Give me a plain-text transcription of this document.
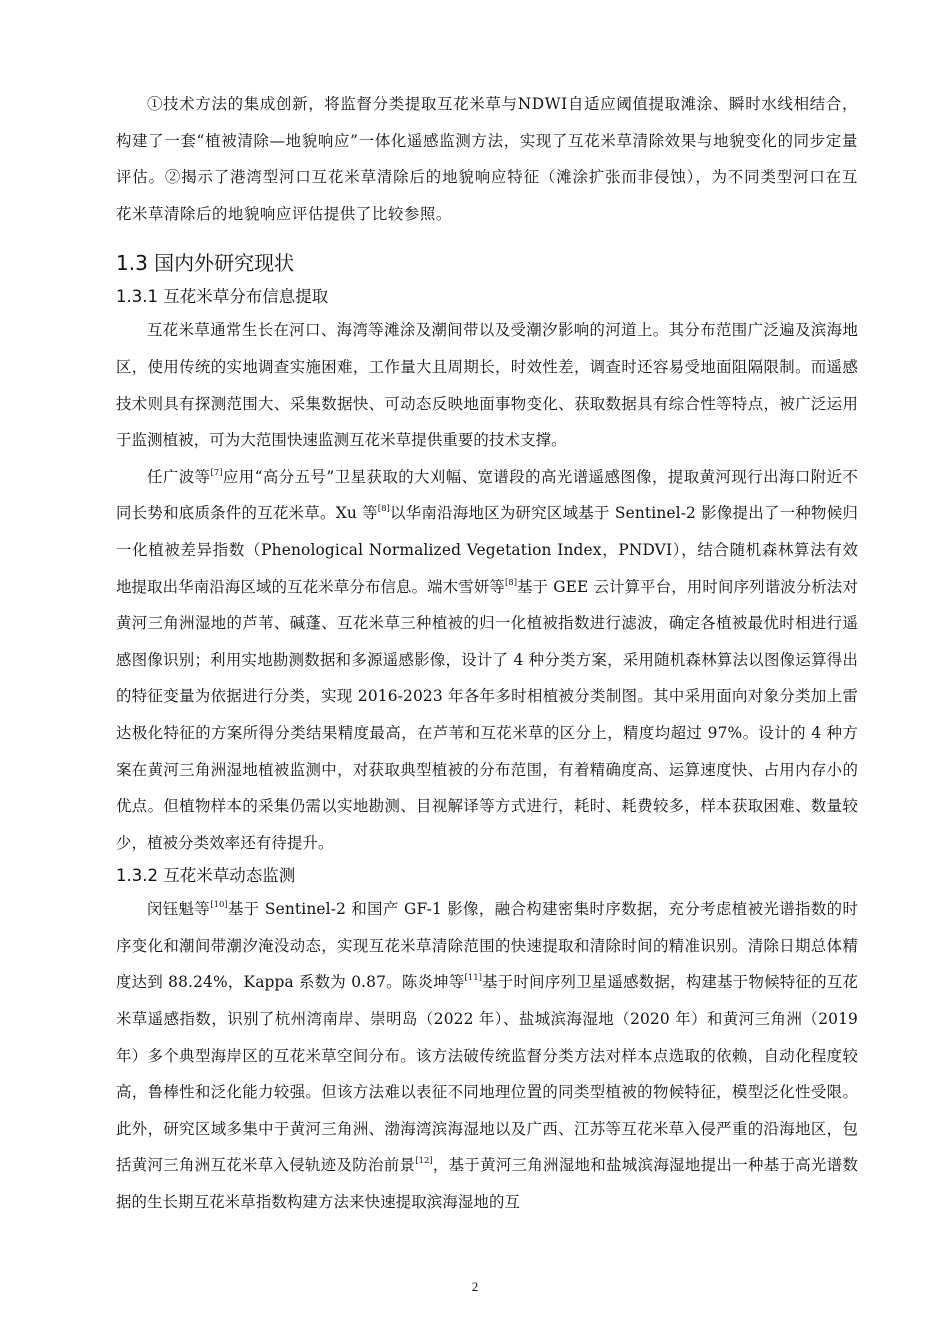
①技术方法的集成创新，将监督分类提取互花米草与NDWI自适应阈值提取滩涂、瞬时水线相结合，构建了一套“植被清除—地貌响应”一体化遥感监测方法，实现了互花米草清除效果与地貌变化的同步定量评估。②揭示了港湾型河口互花米草清除后的地貌响应特征（滩涂扩张而非侵蚀），为不同类型河口在互花米草清除后的地貌响应评估提供了比较参照。

1.3 国内外研究现状
1.3.1 互花米草分布信息提取

互花米草通常生长在河口、海湾等滩涂及潮间带以及受潮汐影响的河道上。其分布范围广泛遍及滨海地区，使用传统的实地调查实施困难，工作量大且周期长，时效性差，调查时还容易受地面阻隔限制。而遥感技术则具有探测范围大、采集数据快、可动态反映地面事物变化、获取数据具有综合性等特点，被广泛运用于监测植被，可为大范围快速监测互花米草提供重要的技术支撑。

任广波等[7]应用“高分五号”卫星获取的大刈幅、宽谱段的高光谱遥感图像，提取黄河现行出海口附近不同长势和底质条件的互花米草。Xu 等[8]以华南沿海地区为研究区域基于 Sentinel-2 影像提出了一种物候归一化植被差异指数（Phenological Normalized Vegetation Index，PNDVI），结合随机森林算法有效地提取出华南沿海区域的互花米草分布信息。端木雪妍等[8]基于 GEE 云计算平台，用时间序列谐波分析法对黄河三角洲湿地的芦苇、碱蓬、互花米草三种植被的归一化植被指数进行滤波，确定各植被最优时相进行遥感图像识别；利用实地勘测数据和多源遥感影像，设计了 4 种分类方案，采用随机森林算法以图像运算得出的特征变量为依据进行分类，实现 2016-2023 年各年多时相植被分类制图。其中采用面向对象分类加上雷达极化特征的方案所得分类结果精度最高，在芦苇和互花米草的区分上，精度均超过 97%。设计的 4 种方案在黄河三角洲湿地植被监测中，对获取典型植被的分布范围，有着精确度高、运算速度快、占用内存小的优点。但植物样本的采集仍需以实地勘测、目视解译等方式进行，耗时、耗费较多，样本获取困难、数量较少，植被分类效率还有待提升。

1.3.2 互花米草动态监测

闵钰魁等[10]基于 Sentinel-2 和国产 GF-1 影像，融合构建密集时序数据，充分考虑植被光谱指数的时序变化和潮间带潮汐淹没动态，实现互花米草清除范围的快速提取和清除时间的精准识别。清除日期总体精度达到 88.24%，Kappa 系数为 0.87。陈炎坤等[11]基于时间序列卫星遥感数据，构建基于物候特征的互花米草遥感指数，识别了杭州湾南岸、崇明岛（2022 年）、盐城滨海湿地（2020 年）和黄河三角洲（2019 年）多个典型海岸区的互花米草空间分布。该方法破传统监督分类方法对样本点选取的依赖，自动化程度较高，鲁棒性和泛化能力较强。但该方法难以表征不同地理位置的同类型植被的物候特征，模型泛化性受限。此外，研究区域多集中于黄河三角洲、渤海湾滨海湿地以及广西、江苏等互花米草入侵严重的沿海地区，包括黄河三角洲互花米草入侵轨迹及防治前景[12]，基于黄河三角洲湿地和盐城滨海湿地提出一种基于高光谱数据的生长期互花米草指数构建方法来快速提取滨海湿地的互

2
